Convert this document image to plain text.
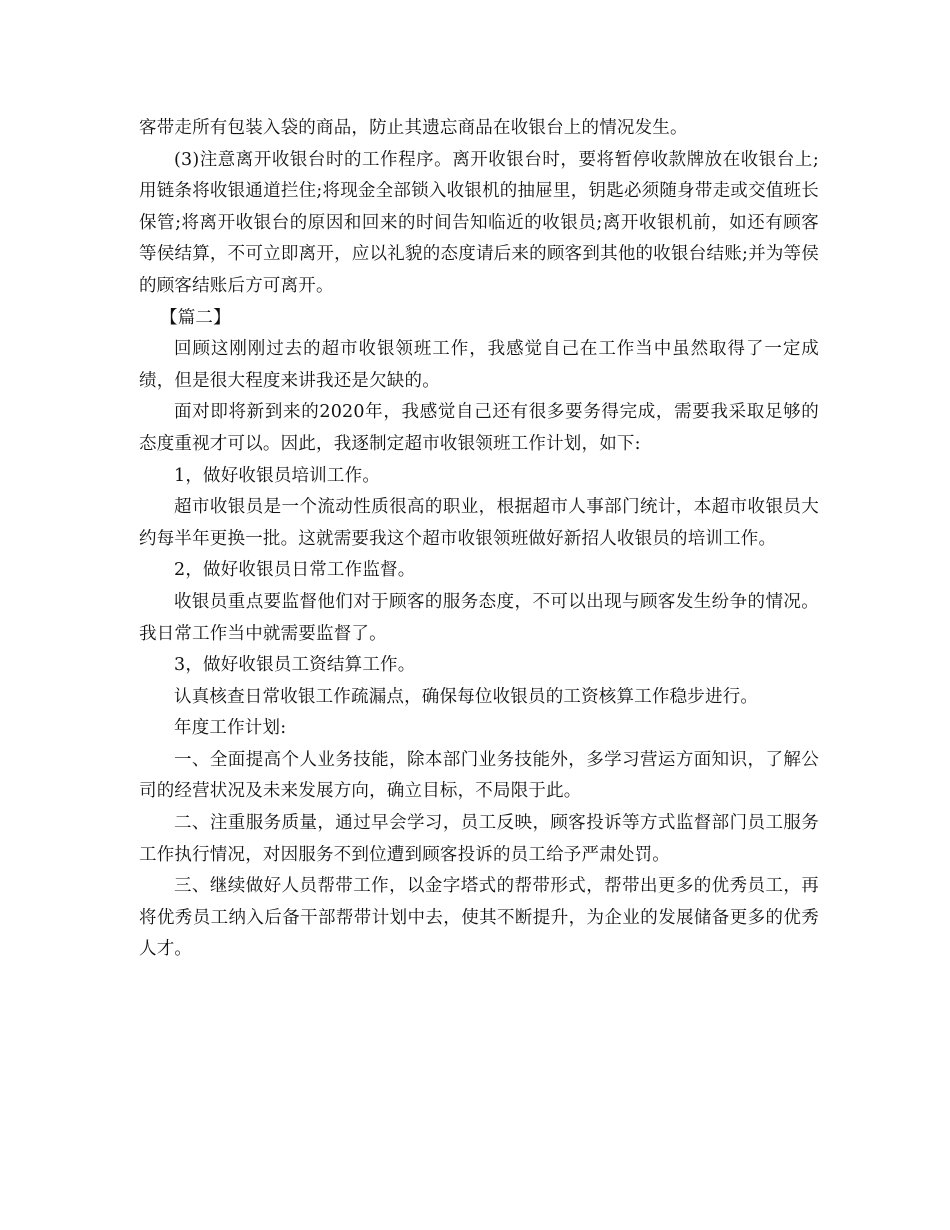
客带走所有包装入袋的商品，防止其遗忘商品在收银台上的情况发生。

(3)注意离开收银台时的工作程序。离开收银台时，要将暂停收款牌放在收银台上;用链条将收银通道拦住;将现金全部锁入收银机的抽屉里，钥匙必须随身带走或交值班长保管;将离开收银台的原因和回来的时间告知临近的收银员;离开收银机前，如还有顾客等侯结算，不可立即离开，应以礼貌的态度请后来的顾客到其他的收银台结账;并为等侯的顾客结账后方可离开。

【篇二】

回顾这刚刚过去的超市收银领班工作，我感觉自己在工作当中虽然取得了一定成绩，但是很大程度来讲我还是欠缺的。

面对即将新到来的2020年，我感觉自己还有很多要务得完成，需要我采取足够的态度重视才可以。因此，我逐制定超市收银领班工作计划，如下:

1，做好收银员培训工作。

超市收银员是一个流动性质很高的职业，根据超市人事部门统计，本超市收银员大约每半年更换一批。这就需要我这个超市收银领班做好新招人收银员的培训工作。

2，做好收银员日常工作监督。

收银员重点要监督他们对于顾客的服务态度，不可以出现与顾客发生纷争的情况。我日常工作当中就需要监督了。

3，做好收银员工资结算工作。

认真核查日常收银工作疏漏点，确保每位收银员的工资核算工作稳步进行。

年度工作计划:

一、全面提高个人业务技能，除本部门业务技能外，多学习营运方面知识，了解公司的经营状况及未来发展方向，确立目标，不局限于此。

二、注重服务质量，通过早会学习，员工反映，顾客投诉等方式监督部门员工服务工作执行情况，对因服务不到位遭到顾客投诉的员工给予严肃处罚。

三、继续做好人员帮带工作，以金字塔式的帮带形式，帮带出更多的优秀员工，再将优秀员工纳入后备干部帮带计划中去，使其不断提升，为企业的发展储备更多的优秀人才。
